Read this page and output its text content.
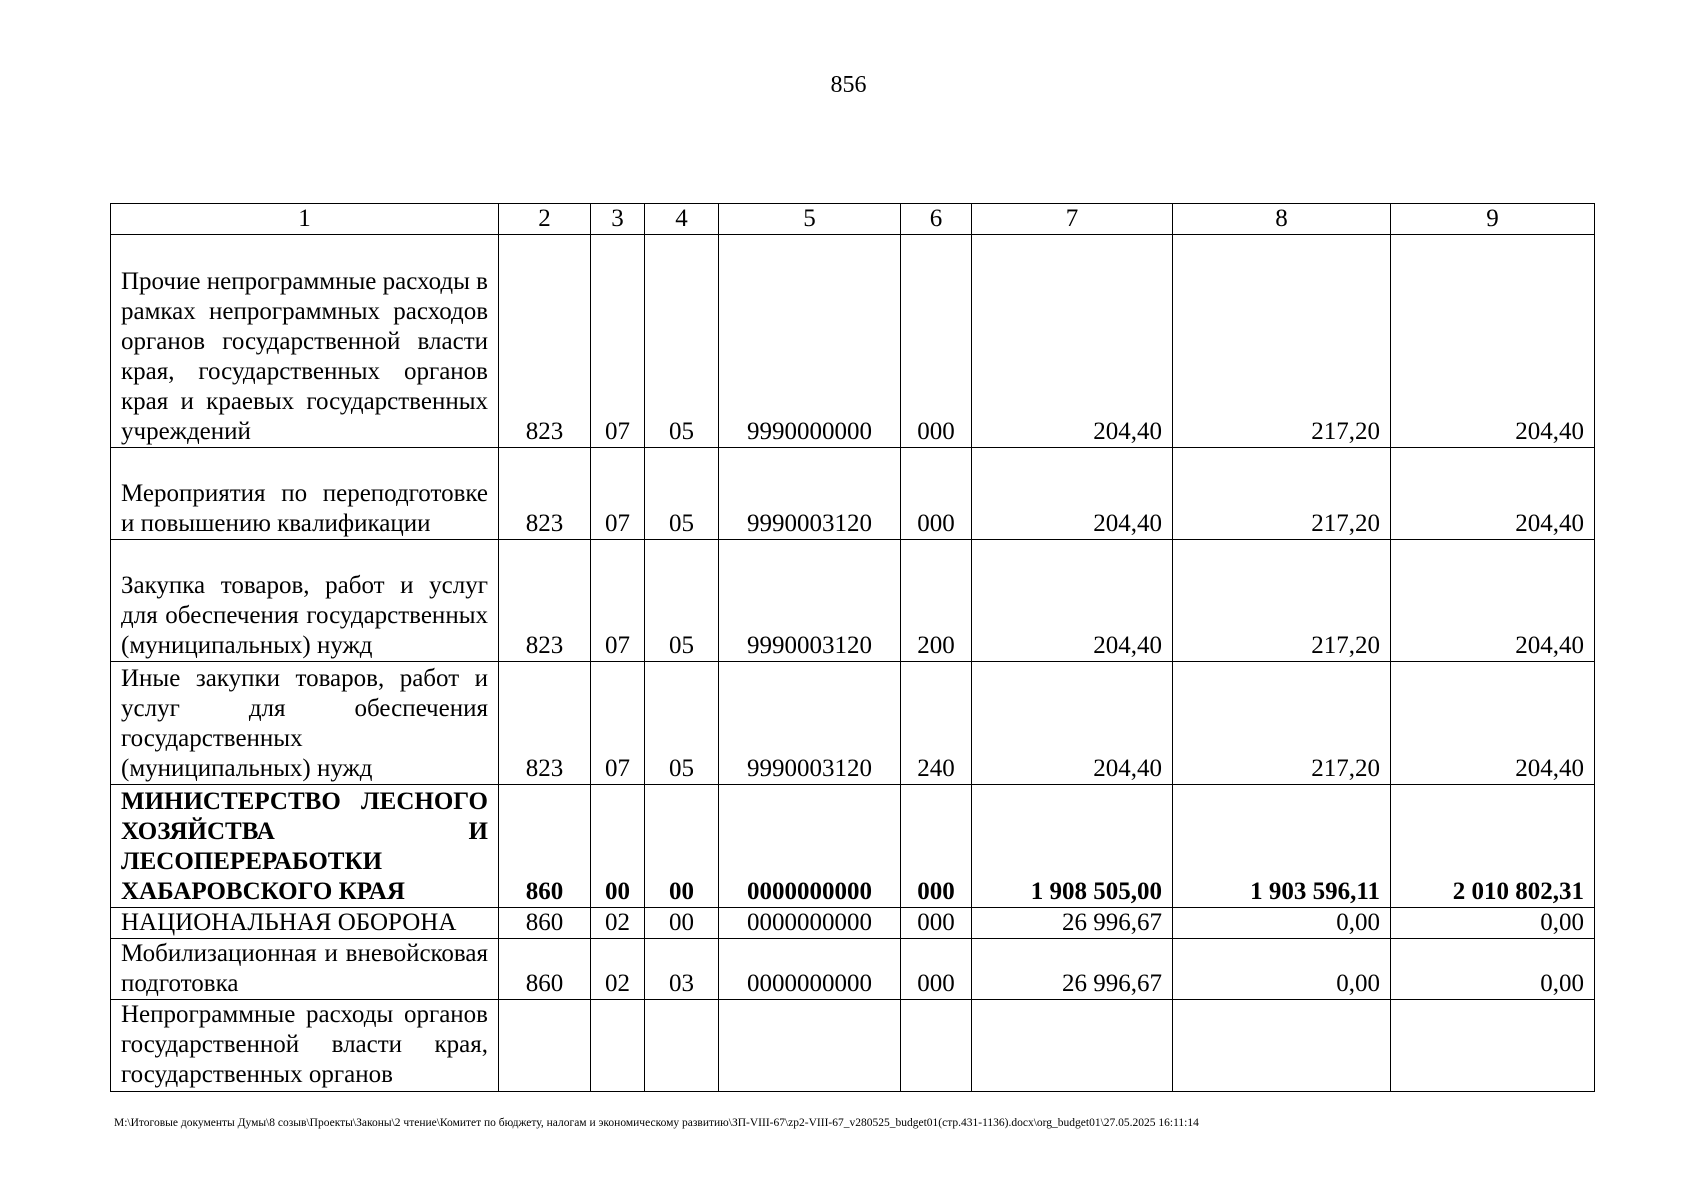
856
1	2	3	4	5	6	7	8	9
Прочие непрограммные расходы в рамках непрограммных расходов органов государственной власти края, государственных органов края и краевых государственных учреждений	823	07	05	9990000000	000	204,40	217,20	204,40
Мероприятия по переподготовке и повышению квалификации	823	07	05	9990003120	000	204,40	217,20	204,40
Закупка товаров, работ и услуг для обеспечения государственных (муниципальных) нужд	823	07	05	9990003120	200	204,40	217,20	204,40
Иные закупки товаров, работ и услуг для обеспечения государственных (муниципальных) нужд	823	07	05	9990003120	240	204,40	217,20	204,40
МИНИСТЕРСТВО ЛЕСНОГО ХОЗЯЙСТВА И ЛЕСОПЕРЕРАБОТКИ ХАБАРОВСКОГО КРАЯ	860	00	00	0000000000	000	1 908 505,00	1 903 596,11	2 010 802,31
НАЦИОНАЛЬНАЯ ОБОРОНА	860	02	00	0000000000	000	26 996,67	0,00	0,00
Мобилизационная и вневойсковая подготовка	860	02	03	0000000000	000	26 996,67	0,00	0,00
Непрограммные расходы органов государственной власти края, государственных органов								
M:\Итоговые документы Думы\8 созыв\Проекты\Законы\2 чтение\Комитет по бюджету, налогам и экономическому развитию\ЗП-VIII-67\zp2-VIII-67_v280525_budget01(стр.431-1136).docx\org_budget01\27.05.2025 16:11:14
